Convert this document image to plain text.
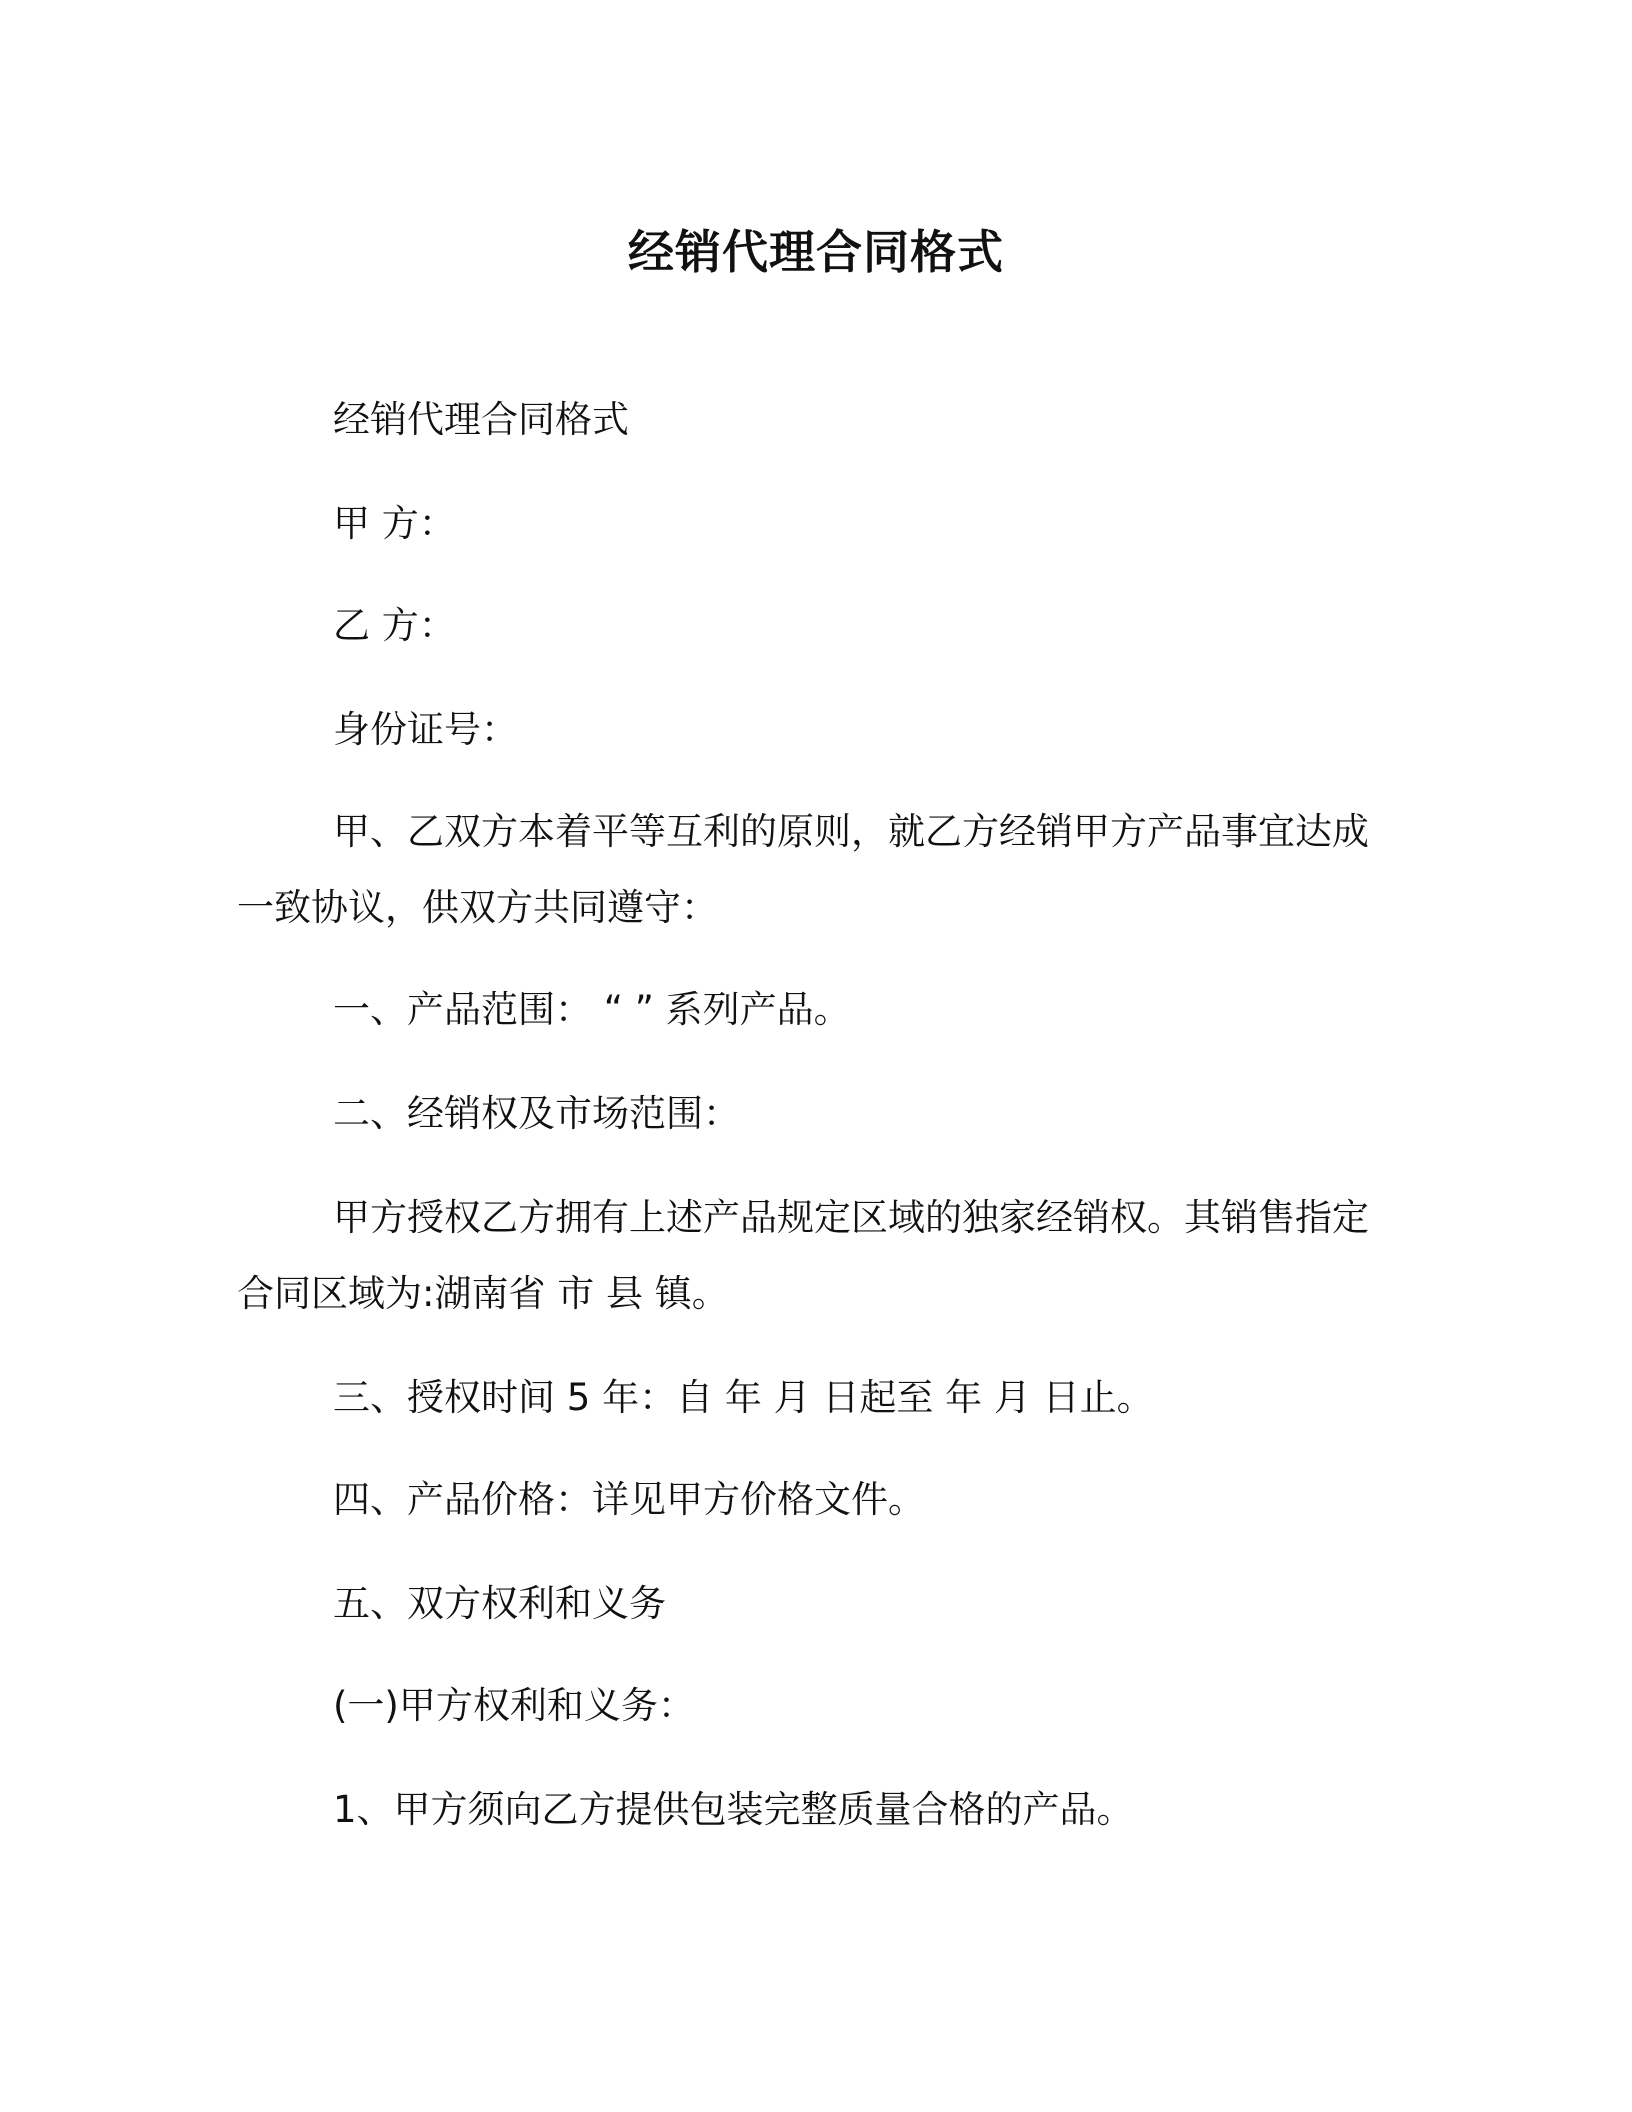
经销代理合同格式
经销代理合同格式
甲 方：
乙 方：
身份证号：
甲、乙双方本着平等互利的原则，就乙方经销甲方产品事宜达成
一致协议，供双方共同遵守：
一、产品范围： “ ” 系列产品。
二、经销权及市场范围：
甲方授权乙方拥有上述产品规定区域的独家经销权。其销售指定
合同区域为:湖南省 市 县 镇。
三、授权时间 5 年：自 年 月 日起至 年 月 日止。
四、产品价格：详见甲方价格文件。
五、双方权利和义务
(一)甲方权利和义务：
1、甲方须向乙方提供包装完整质量合格的产品。
